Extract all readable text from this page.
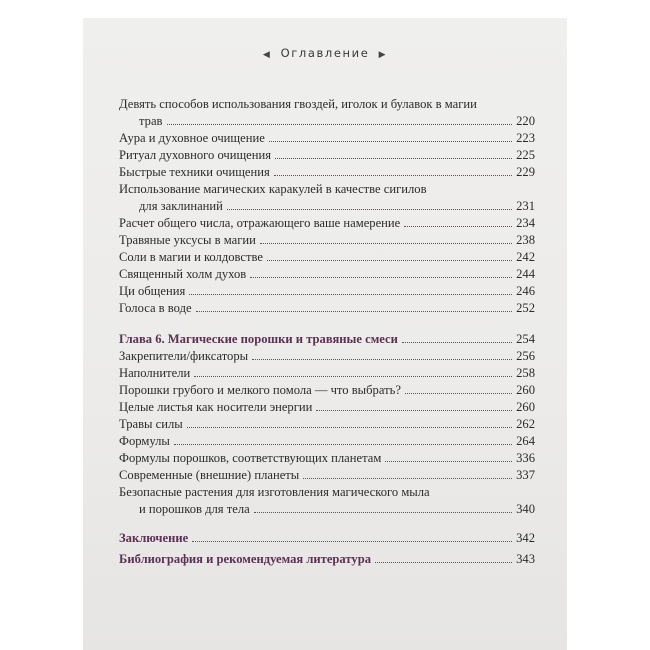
◀ Оглавление ▶
Девять способов использования гвоздей, иголок и булавок в магии
трав	220
Аура и духовное очищение	223
Ритуал духовного очищения	225
Быстрые техники очищения	229
Использование магических каракулей в качестве сигилов
для заклинаний	231
Расчет общего числа, отражающего ваше намерение	234
Травяные уксусы в магии	238
Соли в магии и колдовстве	242
Священный холм духов	244
Ци общения	246
Голоса в воде	252
Глава 6. Магические порошки и травяные смеси	254
Закрепители/фиксаторы	256
Наполнители	258
Порошки грубого и мелкого помола — что выбрать?	260
Целые листья как носители энергии	260
Травы силы	262
Формулы	264
Формулы порошков, соответствующих планетам	336
Современные (внешние) планеты	337
Безопасные растения для изготовления магического мыла
и порошков для тела	340
Заключение	342
Библиография и рекомендуемая литература	343
